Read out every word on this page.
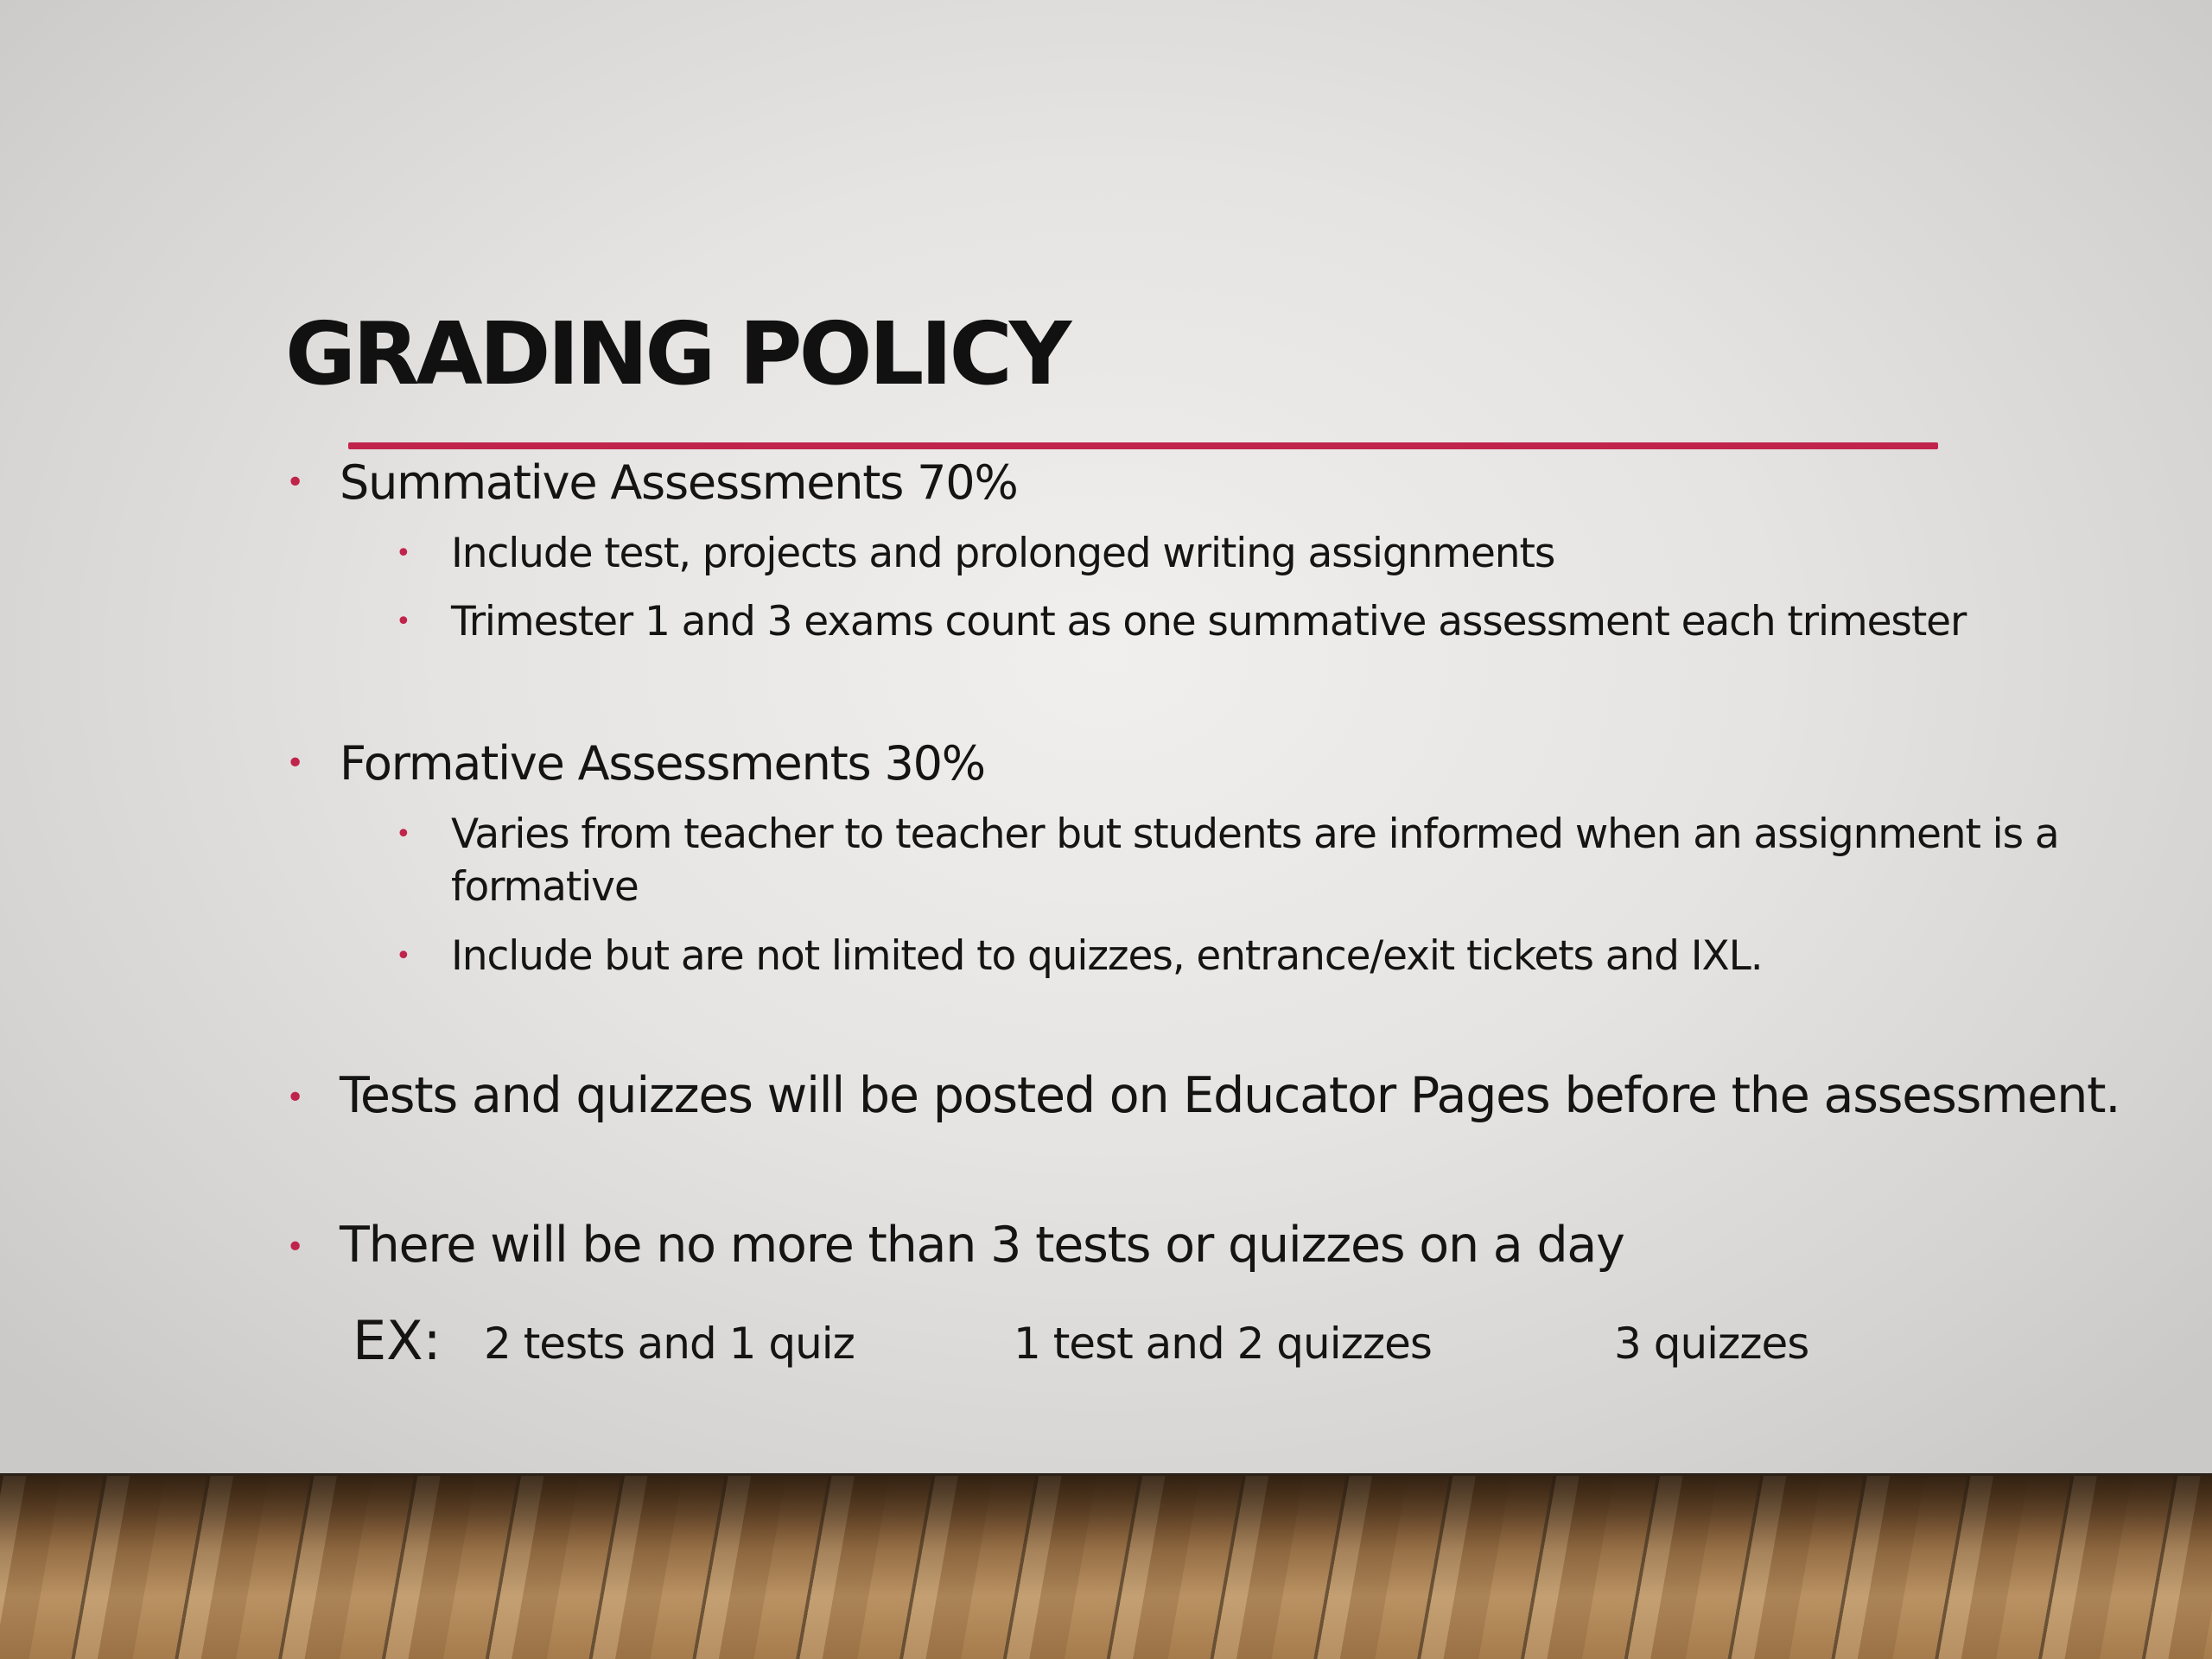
GRADING POLICY
• Summative Assessments 70%
• Include test, projects and prolonged writing assignments
• Trimester 1 and 3 exams count as one summative assessment each trimester
• Formative Assessments 30%
• Varies from teacher to teacher but students are informed when an assignment is a
formative
• Include but are not limited to quizzes, entrance/exit tickets and IXL.
• Tests and quizzes will be posted on Educator Pages before the assessment.
• There will be no more than 3 tests or quizzes on a day
EX: 2 tests and 1 quiz	1 test and 2 quizzes	3 quizzes
